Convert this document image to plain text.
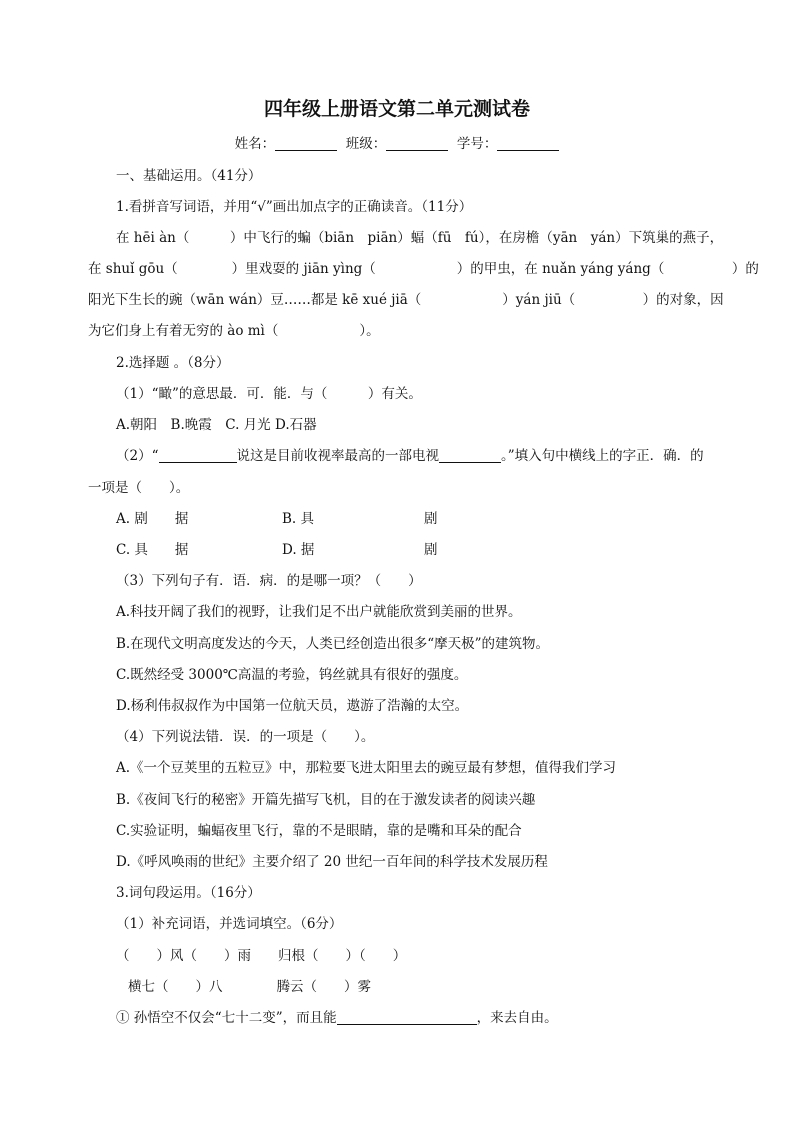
四年级上册语文第二单元测试卷
姓名：	班级：	学号：
一、基础运用。（41分）
1.看拼音写词语，并用“√”画出加点字的正确读音。（11分）
在 hēi àn（　　　）中飞行的蝙（biān　piān）蝠（fū　fú），在房檐（yān　yán）下筑巢的燕子，
在 shuǐ gōu（　　　　）里戏耍的 jiān yìng（　　　　　　）的甲虫，在 nuǎn yáng yáng（　　　　　）的
阳光下生长的豌（wān wán）豆……都是 kē xué jiā（　　　　　　）yán jiū（　　　　　）的对象，因
为它们身上有着无穷的 ào mì（　　　　　　）。
2.选择题 。（8分）
（1）“瞰”的意思最．可．能．与（　　　）有关。
A.朝阳　B.晚霞　C. 月光 D.石器
（2）“	说这是目前收视率最高的一部电视	。”填入句中横线上的字正．确．的
一项是（　　）。
A. 剧　　据	B. 具	剧
C. 具　　据	D. 据	剧
（3）下列句子有．语．病．的是哪一项？（　　）
A.科技开阔了我们的视野，让我们足不出户就能欣赏到美丽的世界。
B.在现代文明高度发达的今天，人类已经创造出很多“摩天极”的建筑物。
C.既然经受 3000℃高温的考验，钨丝就具有很好的强度。
D.杨利伟叔叔作为中国第一位航天员，遨游了浩瀚的太空。
（4）下列说法错．误．的一项是（　　）。
A.《一个豆荚里的五粒豆》中，那粒要飞进太阳里去的豌豆最有梦想，值得我们学习
B.《夜间飞行的秘密》开篇先描写飞机，目的在于激发读者的阅读兴趣
C.实验证明，蝙蝠夜里飞行，靠的不是眼睛，靠的是嘴和耳朵的配合
D.《呼风唤雨的世纪》主要介绍了 20 世纪一百年间的科学技术发展历程
3.词句段运用。（16分）
（1）补充词语，并选词填空。（6分）
（　　）风（　　）雨　　归根（　　）（　　）
横七（　　）八　　　　腾云（　　）雾
① 孙悟空不仅会“七十二变”，而且能	，来去自由。
